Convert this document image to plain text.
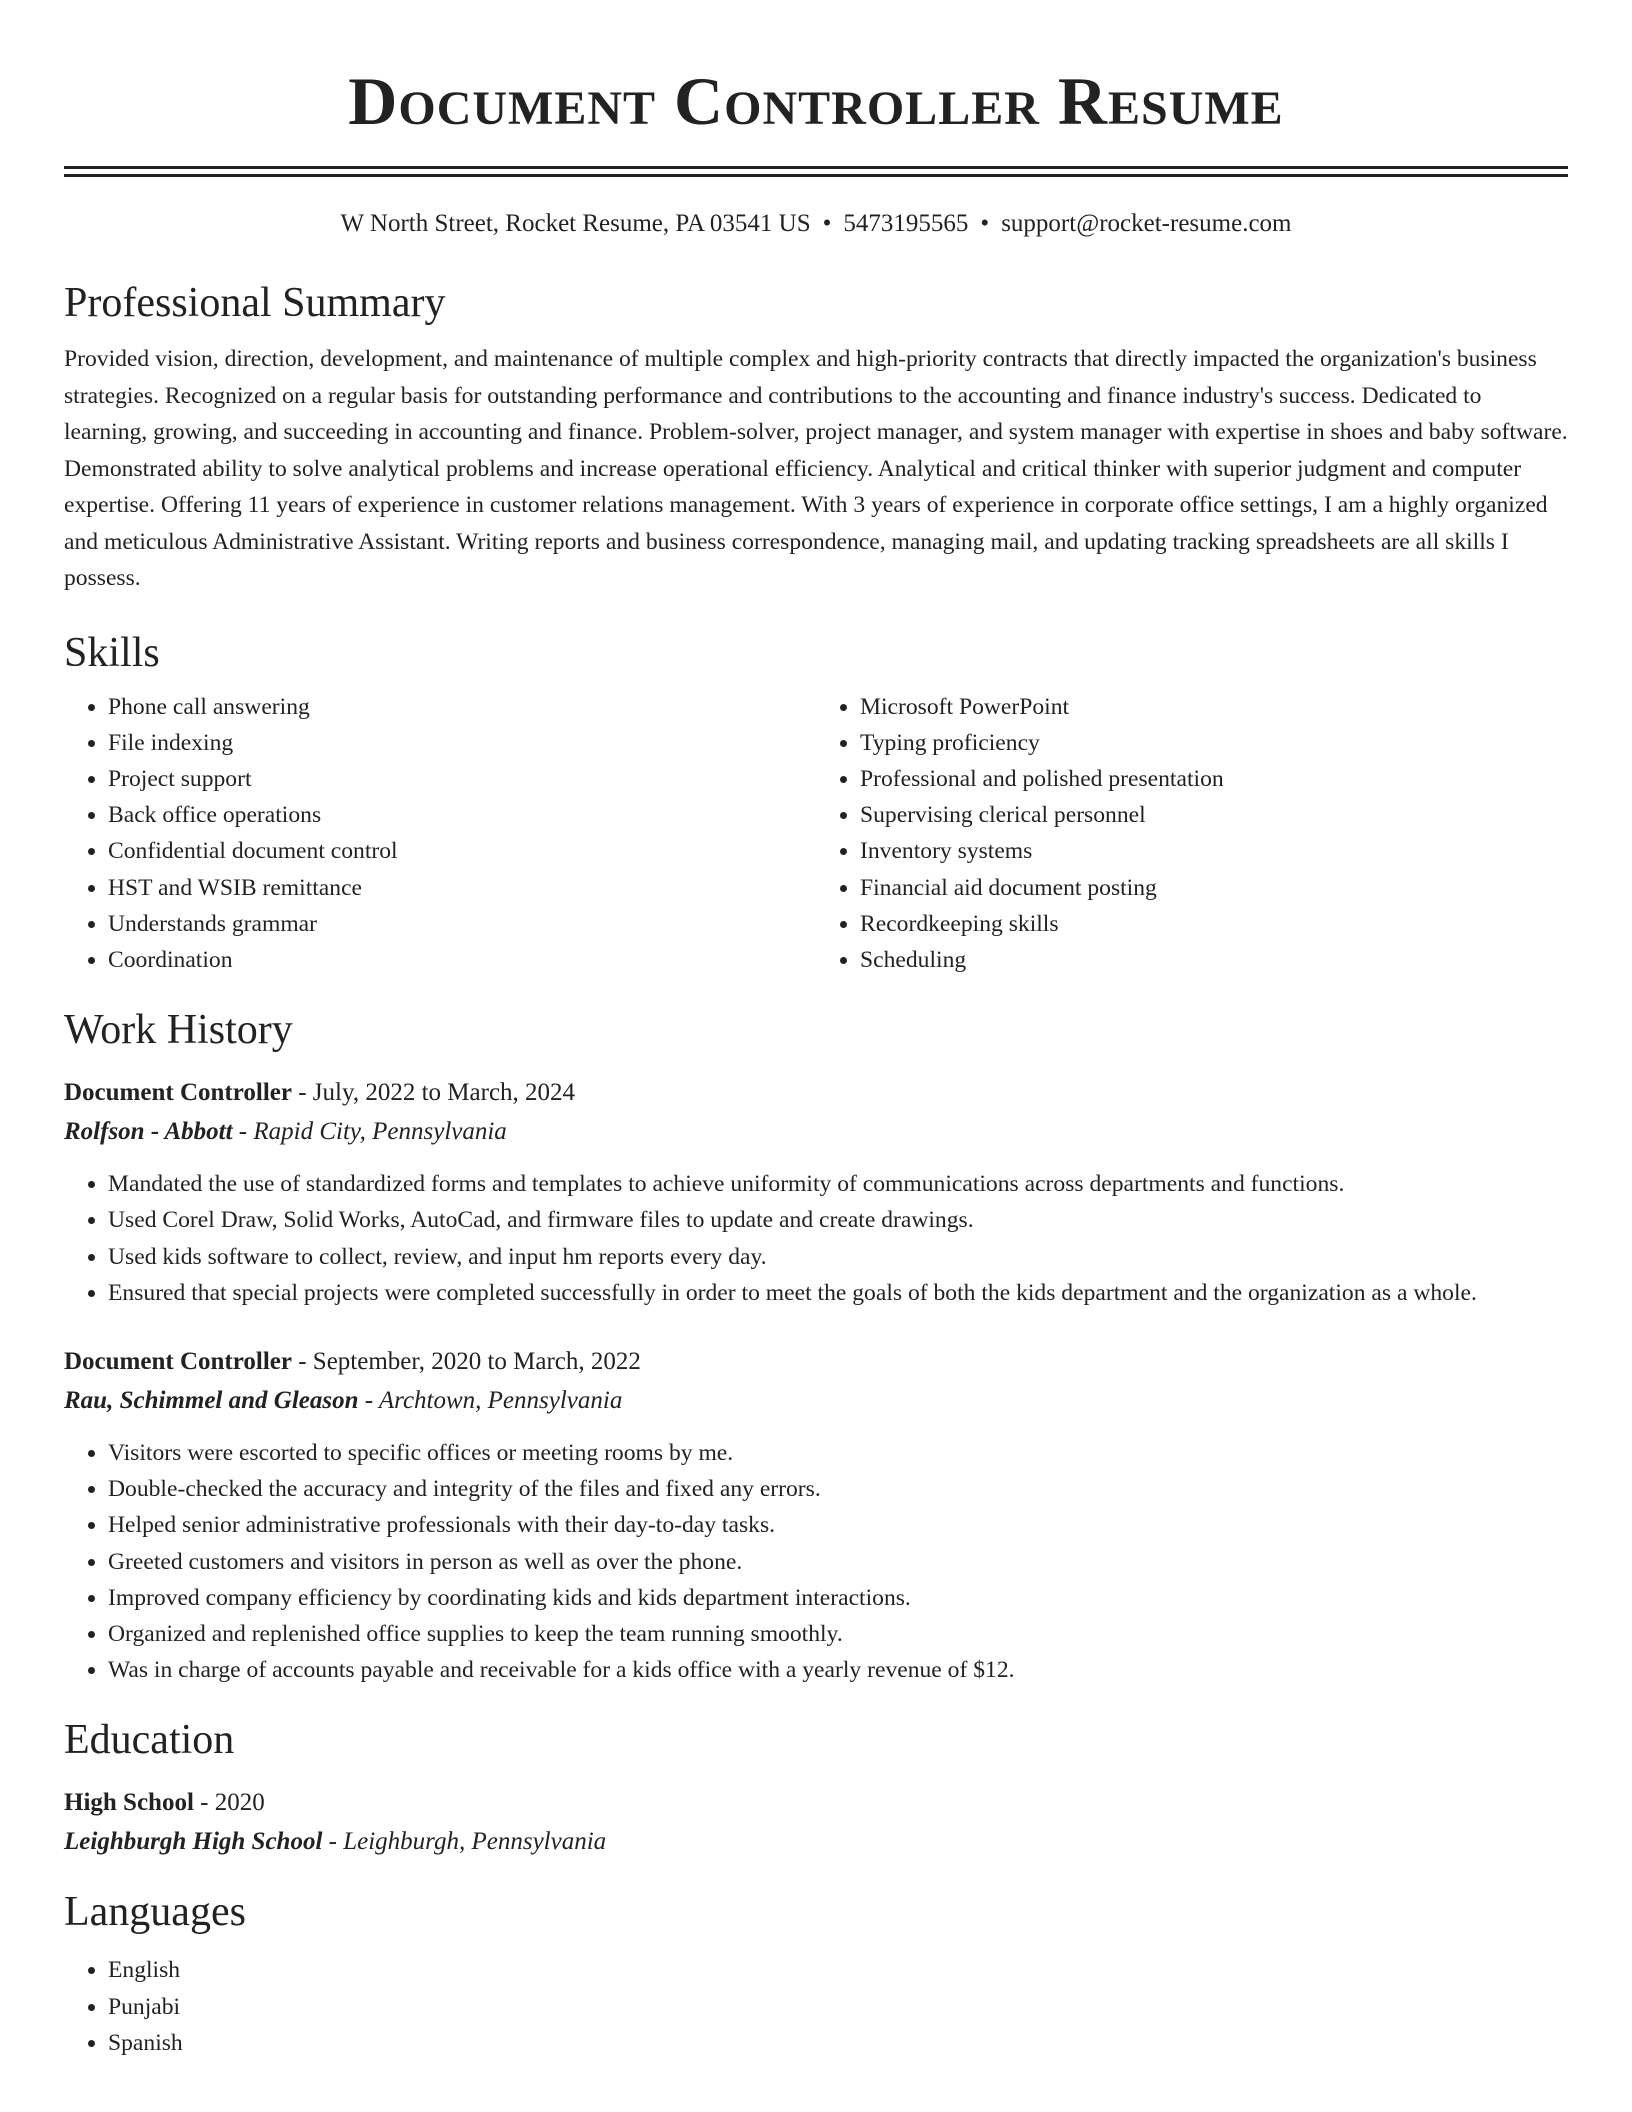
Document Controller Resume
W North Street, Rocket Resume, PA 03541 US • 5473195565 • support@rocket-resume.com
Professional Summary

Provided vision, direction, development, and maintenance of multiple complex and high-priority contracts that directly impacted the organization's business strategies. Recognized on a regular basis for outstanding performance and contributions to the accounting and finance industry's success. Dedicated to learning, growing, and succeeding in accounting and finance. Problem-solver, project manager, and system manager with expertise in shoes and baby software. Demonstrated ability to solve analytical problems and increase operational efficiency. Analytical and critical thinker with superior judgment and computer expertise. Offering 11 years of experience in customer relations management. With 3 years of experience in corporate office settings, I am a highly organized and meticulous Administrative Assistant. Writing reports and business correspondence, managing mail, and updating tracking spreadsheets are all skills I possess.

Skills
• Phone call answering
• File indexing
• Project support
• Back office operations
• Confidential document control
• HST and WSIB remittance
• Understands grammar
• Coordination
• Microsoft PowerPoint
• Typing proficiency
• Professional and polished presentation
• Supervising clerical personnel
• Inventory systems
• Financial aid document posting
• Recordkeeping skills
• Scheduling
Work History
Document Controller - July, 2022 to March, 2024
Rolfson - Abbott - Rapid City, Pennsylvania
• Mandated the use of standardized forms and templates to achieve uniformity of communications across departments and functions.
• Used Corel Draw, Solid Works, AutoCad, and firmware files to update and create drawings.
• Used kids software to collect, review, and input hm reports every day.
• Ensured that special projects were completed successfully in order to meet the goals of both the kids department and the organization as a whole.
Document Controller - September, 2020 to March, 2022
Rau, Schimmel and Gleason - Archtown, Pennsylvania
• Visitors were escorted to specific offices or meeting rooms by me.
• Double-checked the accuracy and integrity of the files and fixed any errors.
• Helped senior administrative professionals with their day-to-day tasks.
• Greeted customers and visitors in person as well as over the phone.
• Improved company efficiency by coordinating kids and kids department interactions.
• Organized and replenished office supplies to keep the team running smoothly.
• Was in charge of accounts payable and receivable for a kids office with a yearly revenue of $12.
Education
High School - 2020
Leighburgh High School - Leighburgh, Pennsylvania
Languages
• English
• Punjabi
• Spanish
